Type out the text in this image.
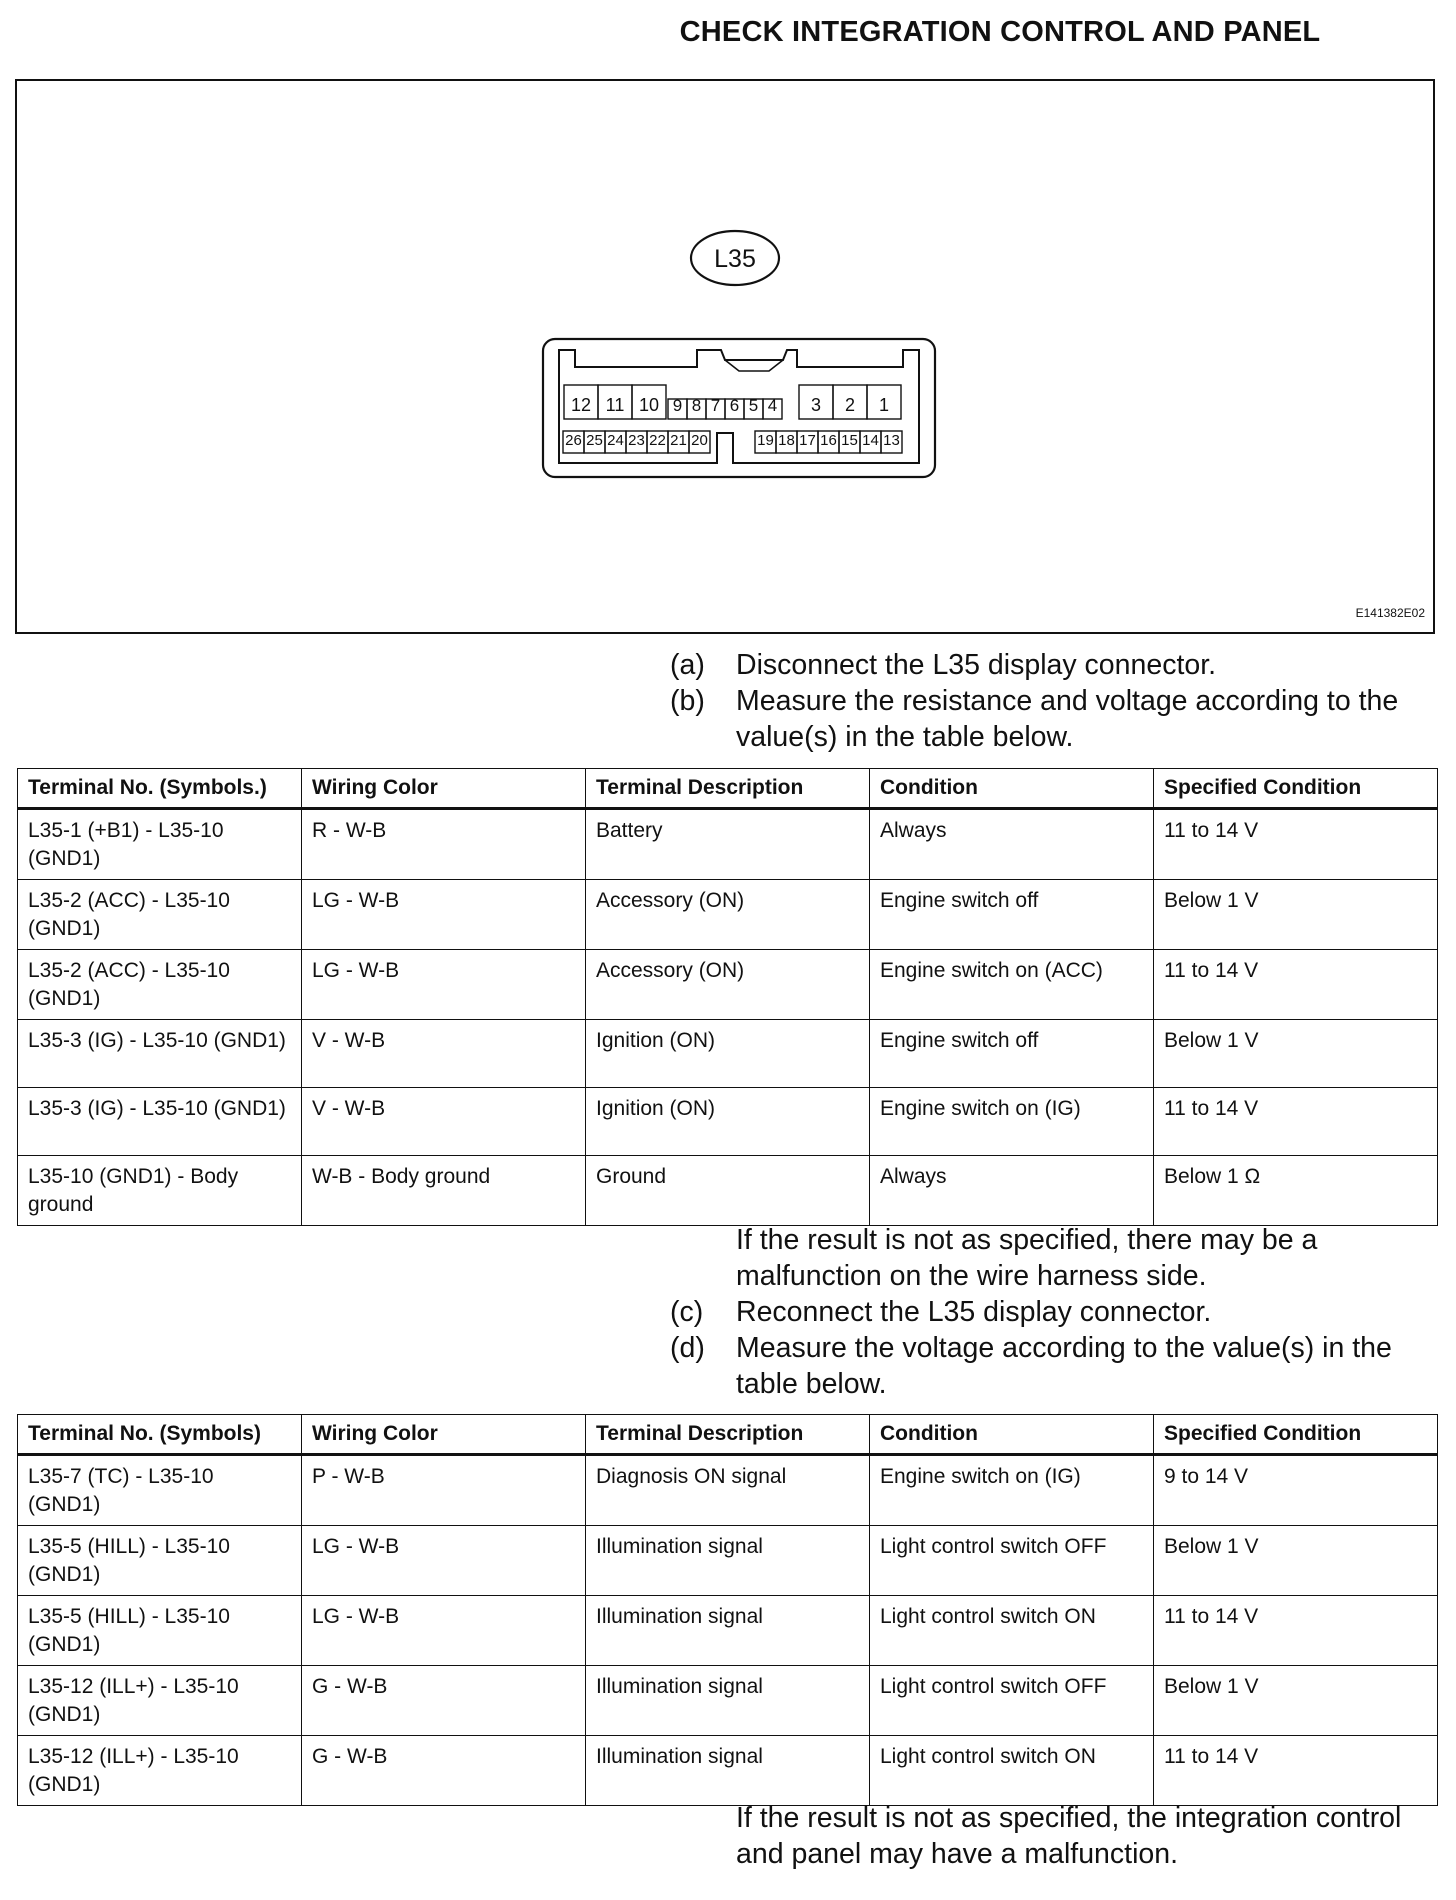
CHECK INTEGRATION CONTROL AND PANEL
L35
12 11 10 9 8 7 6 5 4 3 2 1
26 25 24 23 22 21 20	19 18 17 16 15 14 13
E141382E02
(a)	Disconnect the L35 display connector.
(b)	Measure the resistance and voltage according to the value(s) in the table below.
Terminal No. (Symbols.)	Wiring Color	Terminal Description	Condition	Specified Condition
L35-1 (+B1) - L35-10 (GND1)	R - W-B	Battery	Always	11 to 14 V
L35-2 (ACC) - L35-10 (GND1)	LG - W-B	Accessory (ON)	Engine switch off	Below 1 V
L35-2 (ACC) - L35-10 (GND1)	LG - W-B	Accessory (ON)	Engine switch on (ACC)	11 to 14 V
L35-3 (IG) - L35-10 (GND1)	V - W-B	Ignition (ON)	Engine switch off	Below 1 V
L35-3 (IG) - L35-10 (GND1)	V - W-B	Ignition (ON)	Engine switch on (IG)	11 to 14 V
L35-10 (GND1) - Body ground	W-B - Body ground	Ground	Always	Below 1 Ω
If the result is not as specified, there may be a malfunction on the wire harness side.
(c)	Reconnect the L35 display connector.
(d)	Measure the voltage according to the value(s) in the table below.
Terminal No. (Symbols)	Wiring Color	Terminal Description	Condition	Specified Condition
L35-7 (TC) - L35-10 (GND1)	P - W-B	Diagnosis ON signal	Engine switch on (IG)	9 to 14 V
L35-5 (HILL) - L35-10 (GND1)	LG - W-B	Illumination signal	Light control switch OFF	Below 1 V
L35-5 (HILL) - L35-10 (GND1)	LG - W-B	Illumination signal	Light control switch ON	11 to 14 V
L35-12 (ILL+) - L35-10 (GND1)	G - W-B	Illumination signal	Light control switch OFF	Below 1 V
L35-12 (ILL+) - L35-10 (GND1)	G - W-B	Illumination signal	Light control switch ON	11 to 14 V
If the result is not as specified, the integration control and panel may have a malfunction.
